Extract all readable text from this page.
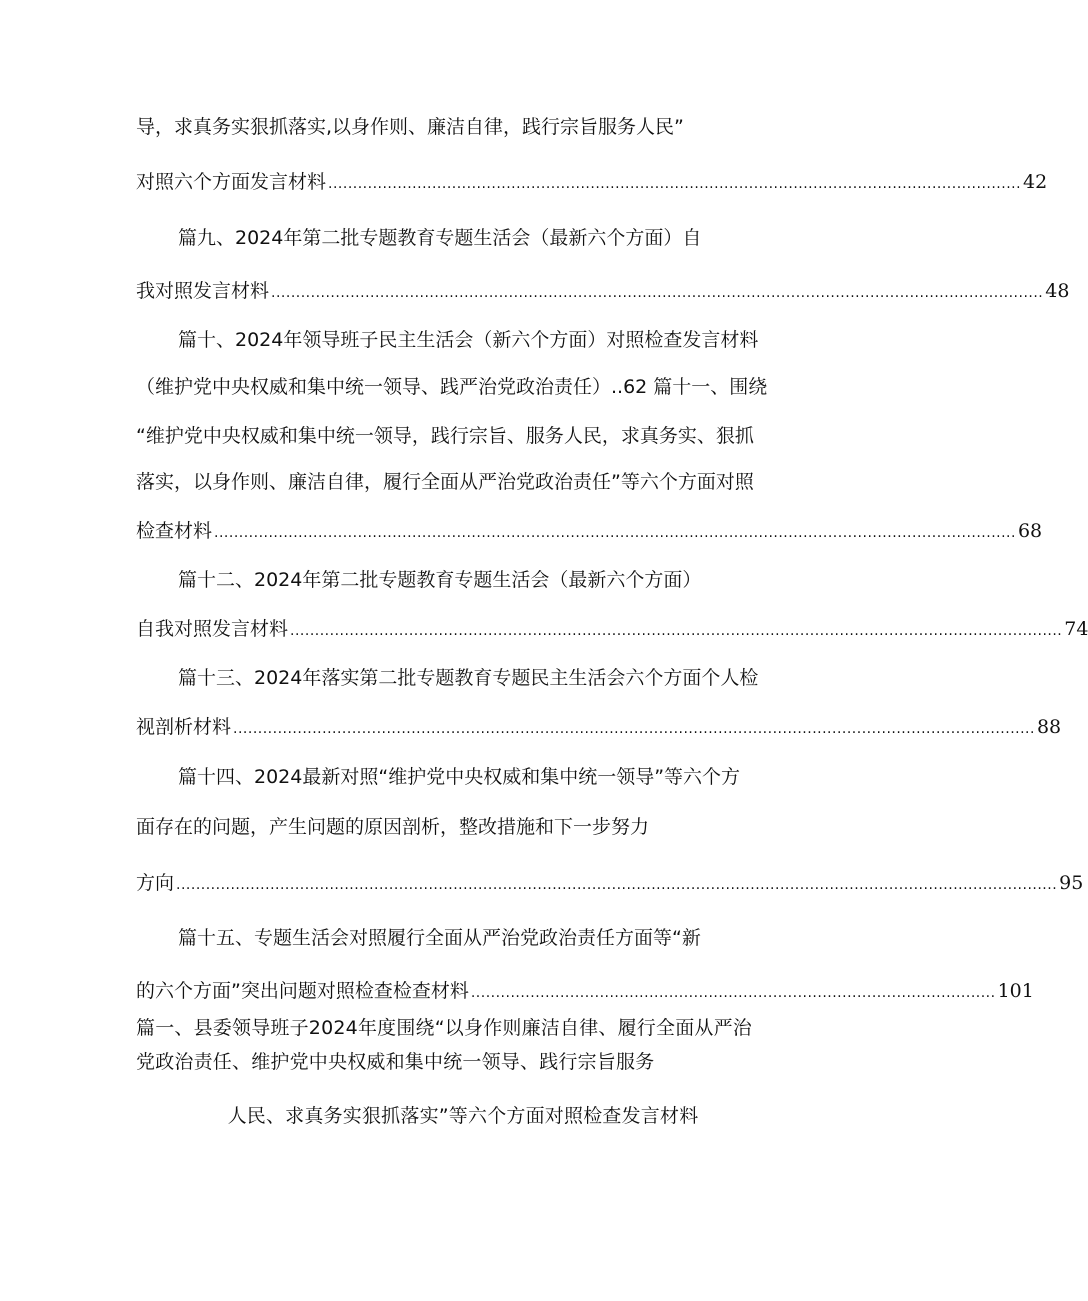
导，求真务实狠抓落实,以身作则、廉洁自律，践行宗旨服务人民”
对照六个方面发言材料 ............................................................................................................................................ 42
篇九、2024年第二批专题教育专题生活会（最新六个方面）自
我对照发言材料 ............................................................................................................................................................ 48
篇十、2024年领导班子民主生活会（新六个方面）对照检查发言材料
（维护党中央权威和集中统一领导、践严治党政治责任）..62 篇十一、围绕
“维护党中央权威和集中统一领导，践行宗旨、服务人民，求真务实、狠抓
落实，以身作则、廉洁自律，履行全面从严治党政治责任”等六个方面对照
检查材料 .................................................................................................................................................................. 68
篇十二、2024年第二批专题教育专题生活会（最新六个方面）
自我对照发言材料 ............................................................................................................................................................ 74
篇十三、2024年落实第二批专题教育专题民主生活会六个方面个人检
视剖析材料 .................................................................................................................................................................. 88
篇十四、2024最新对照“维护党中央权威和集中统一领导”等六个方
面存在的问题，产生问题的原因剖析，整改措施和下一步努力
方向 .................................................................................................................................................................................. 95
篇十五、专题生活会对照履行全面从严治党政治责任方面等“新
的六个方面”突出问题对照检查检查材料 .......................................................................................................... 101
篇一、县委领导班子2024年度围绕“以身作则廉洁自律、履行全面从严治
党政治责任、维护党中央权威和集中统一领导、践行宗旨服务
人民、求真务实狠抓落实”等六个方面对照检查发言材料
